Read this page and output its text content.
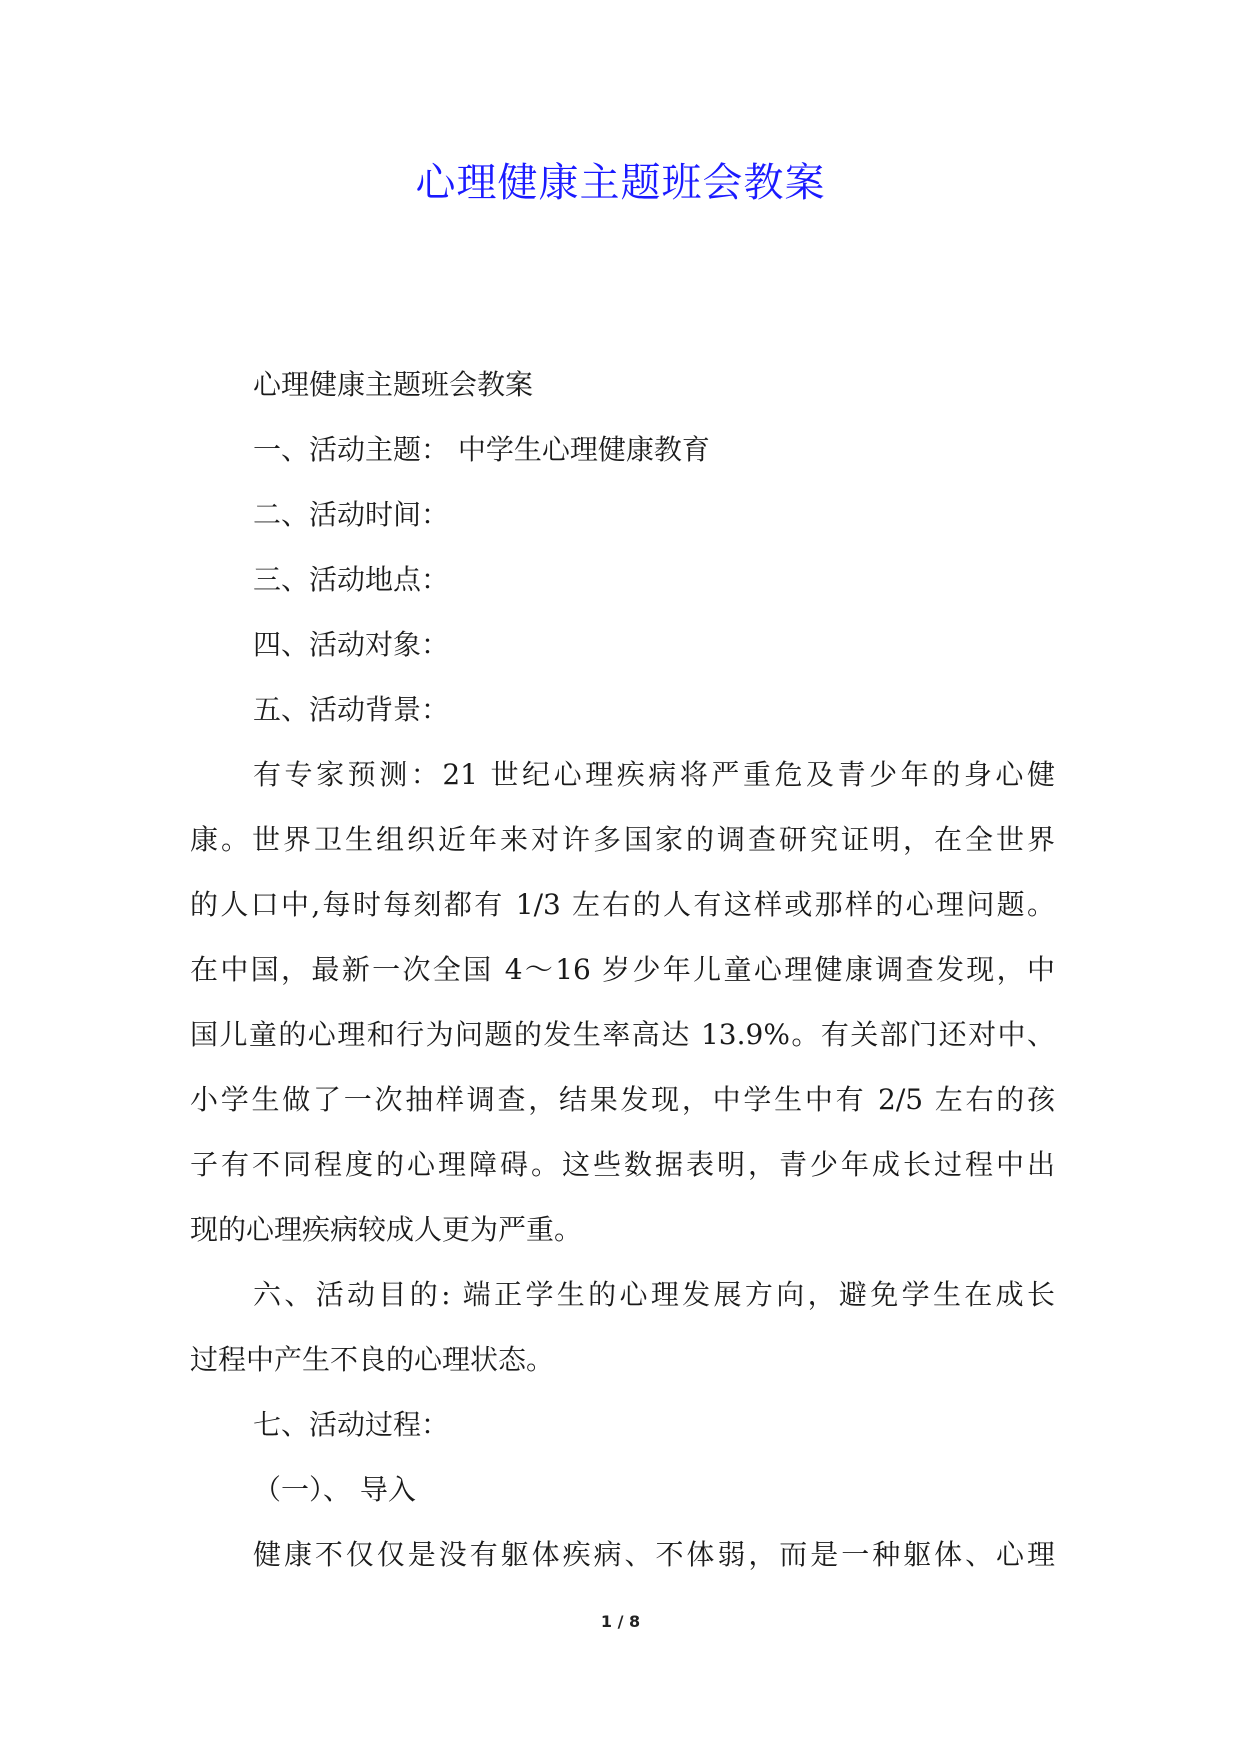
心理健康主题班会教案
心理健康主题班会教案
一、活动主题： 中学生心理健康教育
二、活动时间：
三、活动地点：
四、活动对象：
五、活动背景：
有专家预测：21 世纪心理疾病将严重危及青少年的身心健
康。世界卫生组织近年来对许多国家的调查研究证明，在全世界
的人口中,每时每刻都有 1/3 左右的人有这样或那样的心理问题。
在中国，最新一次全国 4～16 岁少年儿童心理健康调查发现，中
国儿童的心理和行为问题的发生率高达 13.9%。有关部门还对中、
小学生做了一次抽样调查，结果发现，中学生中有 2/5 左右的孩
子有不同程度的心理障碍。这些数据表明，青少年成长过程中出
现的心理疾病较成人更为严重。
六、活动目的: 端正学生的心理发展方向，避免学生在成长
过程中产生不良的心理状态。
七、活动过程：
（一）、 导入
健康不仅仅是没有躯体疾病、不体弱，而是一种躯体、心理
1 / 8
